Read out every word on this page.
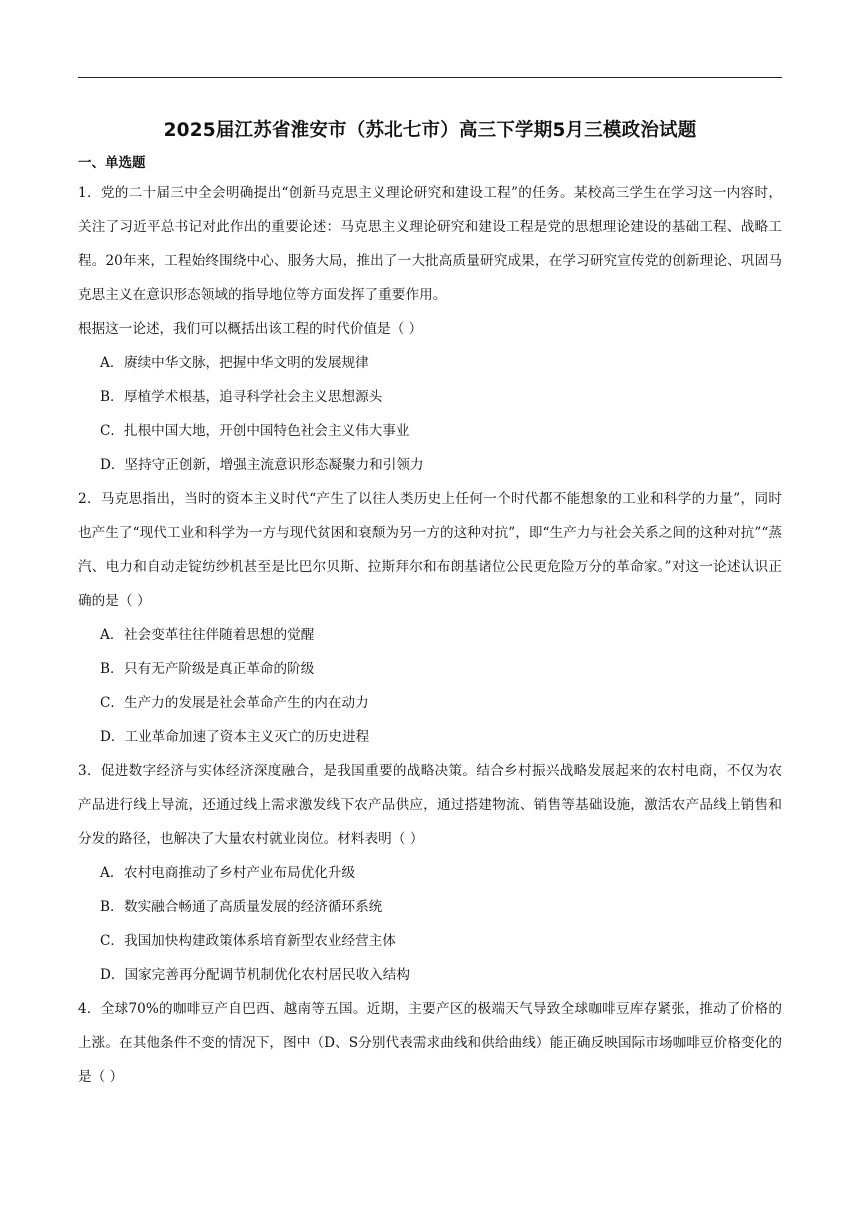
2025届江苏省淮安市（苏北七市）高三下学期5月三模政治试题
一、单选题

1．党的二十届三中全会明确提出“创新马克思主义理论研究和建设工程”的任务。某校高三学生在学习这一内容时，关注了习近平总书记对此作出的重要论述：马克思主义理论研究和建设工程是党的思想理论建设的基础工程、战略工程。20年来，工程始终围绕中心、服务大局，推出了一大批高质量研究成果，在学习研究宣传党的创新理论、巩固马克思主义在意识形态领域的指导地位等方面发挥了重要作用。

根据这一论述，我们可以概括出该工程的时代价值是（ ）

A．赓续中华文脉，把握中华文明的发展规律
B．厚植学术根基，追寻科学社会主义思想源头
C．扎根中国大地，开创中国特色社会主义伟大事业
D．坚持守正创新，增强主流意识形态凝聚力和引领力

2．马克思指出，当时的资本主义时代“产生了以往人类历史上任何一个时代都不能想象的工业和科学的力量”，同时也产生了“现代工业和科学为一方与现代贫困和衰颓为另一方的这种对抗”，即“生产力与社会关系之间的这种对抗”“蒸汽、电力和自动走锭纺纱机甚至是比巴尔贝斯、拉斯拜尔和布朗基诸位公民更危险万分的革命家。”对这一论述认识正确的是（ ）

A．社会变革往往伴随着思想的觉醒
B．只有无产阶级是真正革命的阶级
C．生产力的发展是社会革命产生的内在动力
D．工业革命加速了资本主义灭亡的历史进程

3．促进数字经济与实体经济深度融合，是我国重要的战略决策。结合乡村振兴战略发展起来的农村电商，不仅为农产品进行线上导流，还通过线上需求激发线下农产品供应，通过搭建物流、销售等基础设施，激活农产品线上销售和分发的路径，也解决了大量农村就业岗位。材料表明（ ）

A．农村电商推动了乡村产业布局优化升级
B．数实融合畅通了高质量发展的经济循环系统
C．我国加快构建政策体系培育新型农业经营主体
D．国家完善再分配调节机制优化农村居民收入结构

4．全球70%的咖啡豆产自巴西、越南等五国。近期，主要产区的极端天气导致全球咖啡豆库存紧张，推动了价格的上涨。在其他条件不变的情况下，图中（D、S分别代表需求曲线和供给曲线）能正确反映国际市场咖啡豆价格变化的是（ ）
